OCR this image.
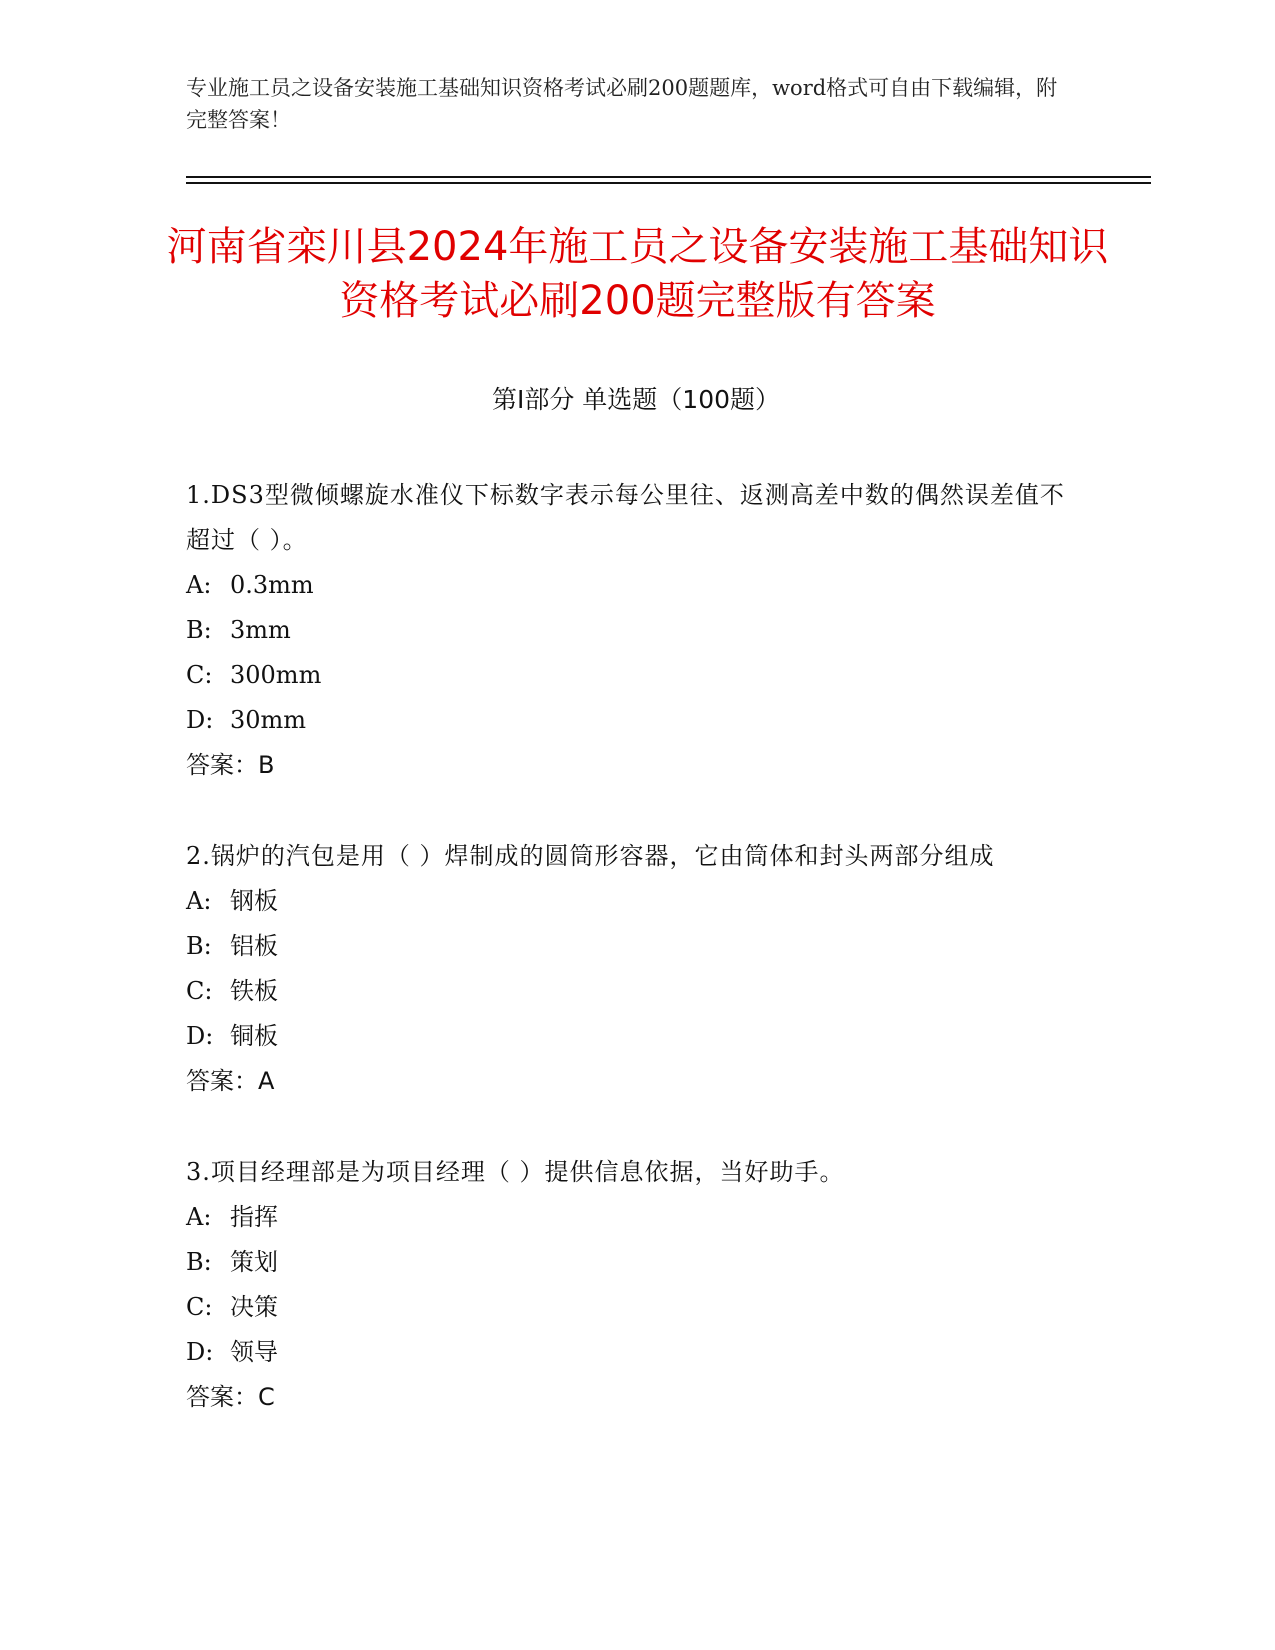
专业施工员之设备安装施工基础知识资格考试必刷200题题库，word格式可自由下载编辑，附完整答案！
河南省栾川县2024年施工员之设备安装施工基础知识资格考试必刷200题完整版有答案
第Ⅰ部分 单选题（100题）
1.DS3型微倾螺旋水准仪下标数字表示每公里往、返测高差中数的偶然误差值不超过（ ）。
A: 0.3mm
B: 3mm
C: 300mm
D: 30mm
答案：B
2.锅炉的汽包是用（ ）焊制成的圆筒形容器，它由筒体和封头两部分组成
A: 钢板
B: 铝板
C: 铁板
D: 铜板
答案：A
3.项目经理部是为项目经理（ ）提供信息依据，当好助手。
A: 指挥
B: 策划
C: 决策
D: 领导
答案：C
